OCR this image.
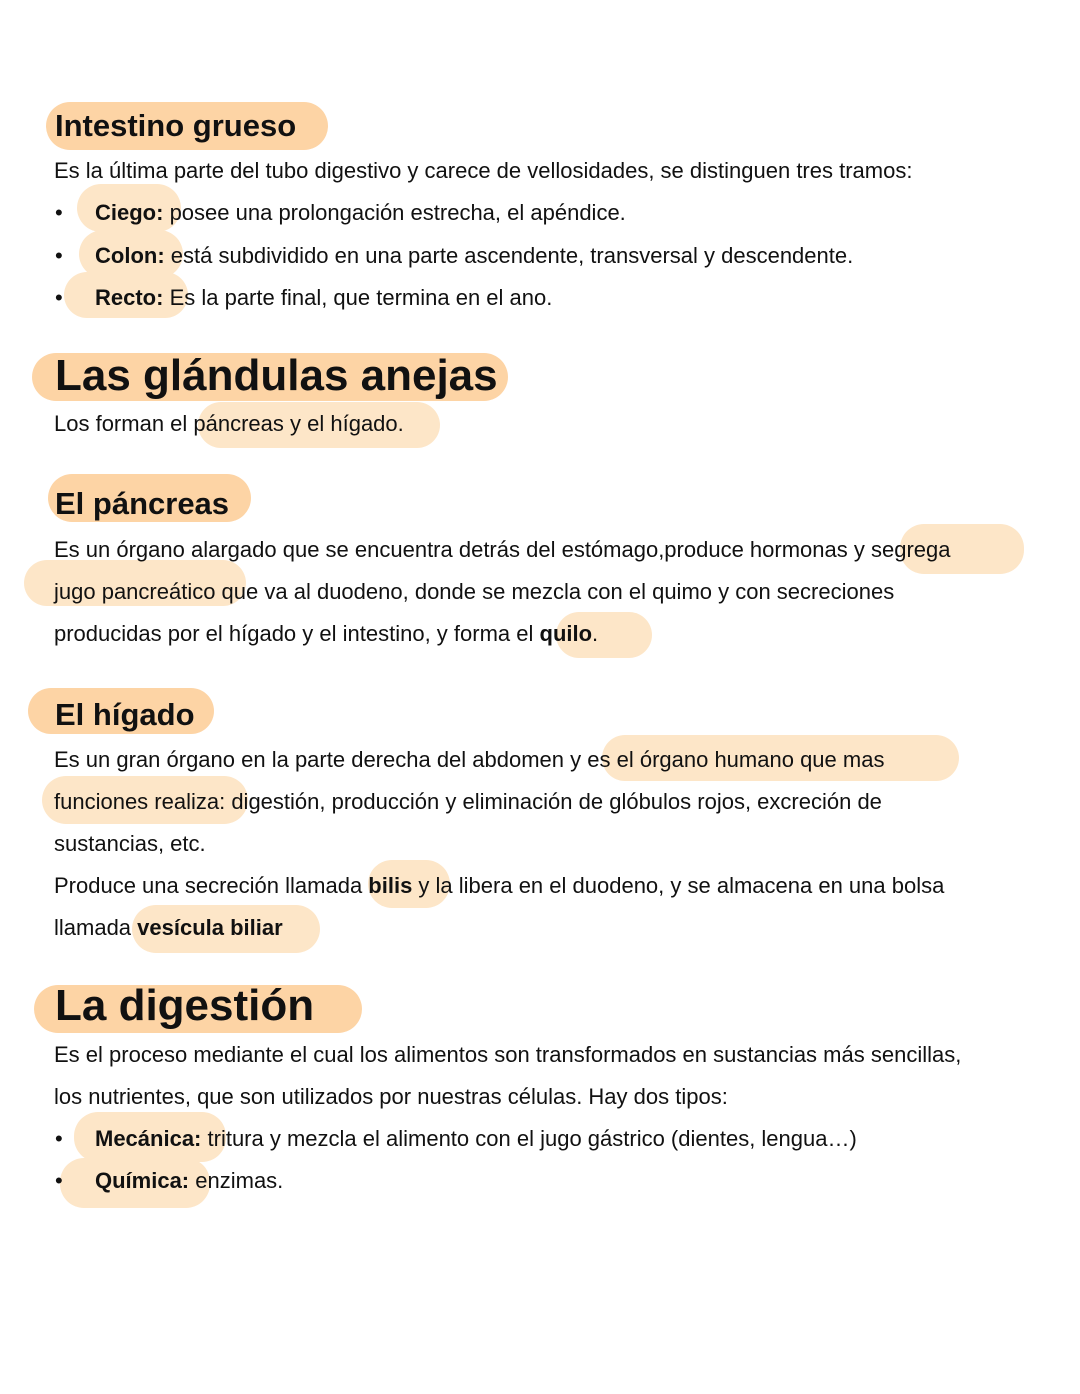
Intestino grueso
Es la última parte del tubo digestivo y carece de vellosidades, se distinguen tres tramos:
• Ciego: posee una prolongación estrecha, el apéndice.
• Colon: está subdividido en una parte ascendente, transversal y descendente.
• Recto: Es la parte final, que termina en el ano.
Las glándulas anejas
Los forman el páncreas y el hígado.
El páncreas
Es un órgano alargado que se encuentra detrás del estómago,produce hormonas y segrega
jugo pancreático que va al duodeno, donde se mezcla con el quimo y con secreciones
producidas por el hígado y el intestino, y forma el quilo.
El hígado
Es un gran órgano en la parte derecha del abdomen y es el órgano humano que mas
funciones realiza: digestión, producción y eliminación de glóbulos rojos, excreción de
sustancias, etc.
Produce una secreción llamada bilis y la libera en el duodeno, y se almacena en una bolsa
llamada vesícula biliar
La digestión
Es el proceso mediante el cual los alimentos son transformados en sustancias más sencillas,
los nutrientes, que son utilizados por nuestras células. Hay dos tipos:
• Mecánica: tritura y mezcla el alimento con el jugo gástrico (dientes, lengua…)
• Química: enzimas.
